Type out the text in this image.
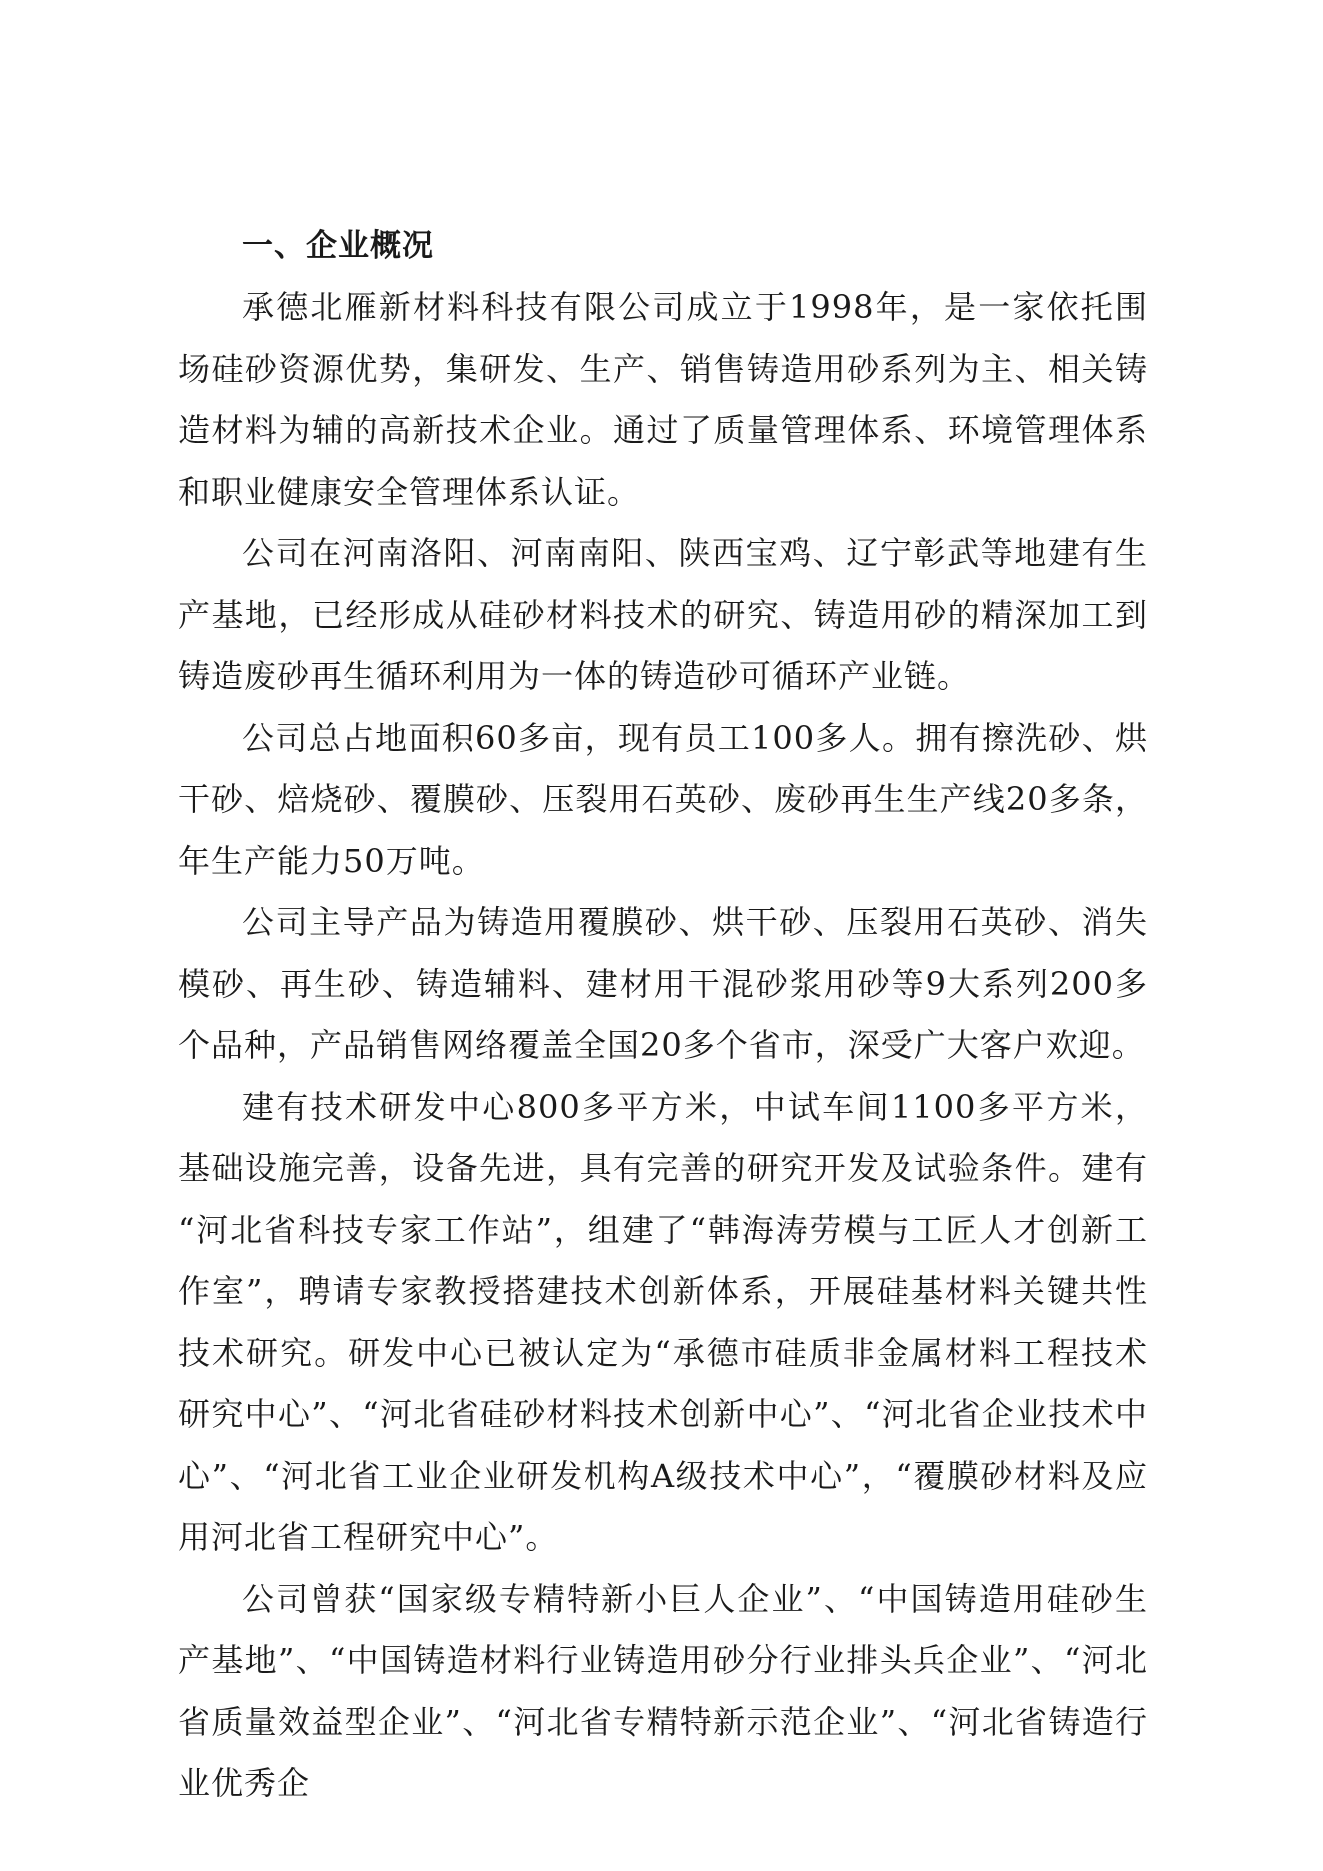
一、企业概况

承德北雁新材料科技有限公司成立于1998年，是一家依托围场硅砂资源优势，集研发、生产、销售铸造用砂系列为主、相关铸造材料为辅的高新技术企业。通过了质量管理体系、环境管理体系和职业健康安全管理体系认证。

公司在河南洛阳、河南南阳、陕西宝鸡、辽宁彰武等地建有生产基地，已经形成从硅砂材料技术的研究、铸造用砂的精深加工到铸造废砂再生循环利用为一体的铸造砂可循环产业链。

公司总占地面积60多亩，现有员工100多人。拥有擦洗砂、烘干砂、焙烧砂、覆膜砂、压裂用石英砂、废砂再生生产线20多条，年生产能力50万吨。

公司主导产品为铸造用覆膜砂、烘干砂、压裂用石英砂、消失模砂、再生砂、铸造辅料、建材用干混砂浆用砂等9大系列200多个品种，产品销售网络覆盖全国20多个省市，深受广大客户欢迎。

建有技术研发中心800多平方米，中试车间1100多平方米，基础设施完善，设备先进，具有完善的研究开发及试验条件。建有 “河北省科技专家工作站”，组建了“韩海涛劳模与工匠人才创新工作室”，聘请专家教授搭建技术创新体系，开展硅基材料关键共性技术研究。研发中心已被认定为“承德市硅质非金属材料工程技术研究中心”、“河北省硅砂材料技术创新中心”、“河北省企业技术中心”、“河北省工业企业研发机构A级技术中心”，“覆膜砂材料及应用河北省工程研究中心”。

公司曾获“国家级专精特新小巨人企业”、“中国铸造用硅砂生产基地”、“中国铸造材料行业铸造用砂分行业排头兵企业”、“河北省质量效益型企业”、“河北省专精特新示范企业”、“河北省铸造行业优秀企
